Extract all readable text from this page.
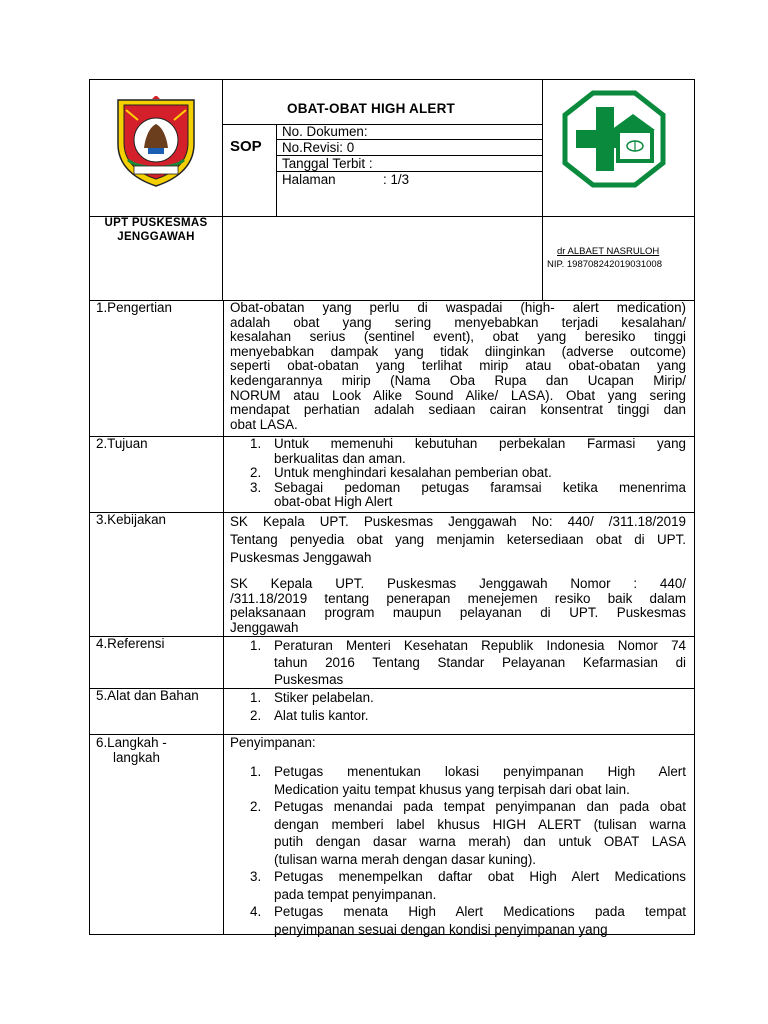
OBAT-OBAT HIGH ALERT
SOP
No. Dokumen:
No.Revisi: 0
Tanggal Terbit :
Halaman	: 1/3
UPT PUSKESMAS
JENGGAWAH
dr ALBAET NASRULOH
NIP. 198708242019031008
1.Pengertian	Obat-obatan yang perlu di waspadai (high- alert medication)
adalah obat yang sering menyebabkan terjadi kesalahan/
kesalahan serius (sentinel event), obat yang beresiko tinggi
menyebabkan dampak yang tidak diinginkan (adverse outcome)
seperti obat-obatan yang terlihat mirip atau obat-obatan yang
kedengarannya mirip (Nama Oba Rupa dan Ucapan Mirip/
NORUM atau Look Alike Sound Alike/ LASA). Obat yang sering
mendapat perhatian adalah sediaan cairan konsentrat tinggi dan
obat LASA.
2.Tujuan	1. Untuk memenuhi kebutuhan perbekalan Farmasi yang
berkualitas dan aman.
2. Untuk menghindari kesalahan pemberian obat.
3. Sebagai pedoman petugas faramsai ketika menenrima
obat-obat High Alert
3.Kebijakan	SK Kepala UPT. Puskesmas Jenggawah No: 440/ /311.18/2019
Tentang penyedia obat yang menjamin ketersediaan obat di UPT.
Puskesmas Jenggawah
SK Kepala UPT. Puskesmas Jenggawah Nomor : 440/
/311.18/2019 tentang penerapan menejemen resiko baik dalam
pelaksanaan program maupun pelayanan di UPT. Puskesmas
Jenggawah
4.Referensi	1. Peraturan Menteri Kesehatan Republik Indonesia Nomor 74
tahun 2016 Tentang Standar Pelayanan Kefarmasian di
Puskesmas
5.Alat dan Bahan	1. Stiker pelabelan.
2. Alat tulis kantor.
6.Langkah -
langkah
Penyimpanan:
1. Petugas menentukan lokasi penyimpanan High Alert
Medication yaitu tempat khusus yang terpisah dari obat lain.
2. Petugas menandai pada tempat penyimpanan dan pada obat
dengan memberi label khusus HIGH ALERT (tulisan warna
putih dengan dasar warna merah) dan untuk OBAT LASA
(tulisan warna merah dengan dasar kuning).
3. Petugas menempelkan daftar obat High Alert Medications
pada tempat penyimpanan.
4. Petugas menata High Alert Medications pada tempat
penyimpanan sesuai dengan kondisi penyimpanan yang
